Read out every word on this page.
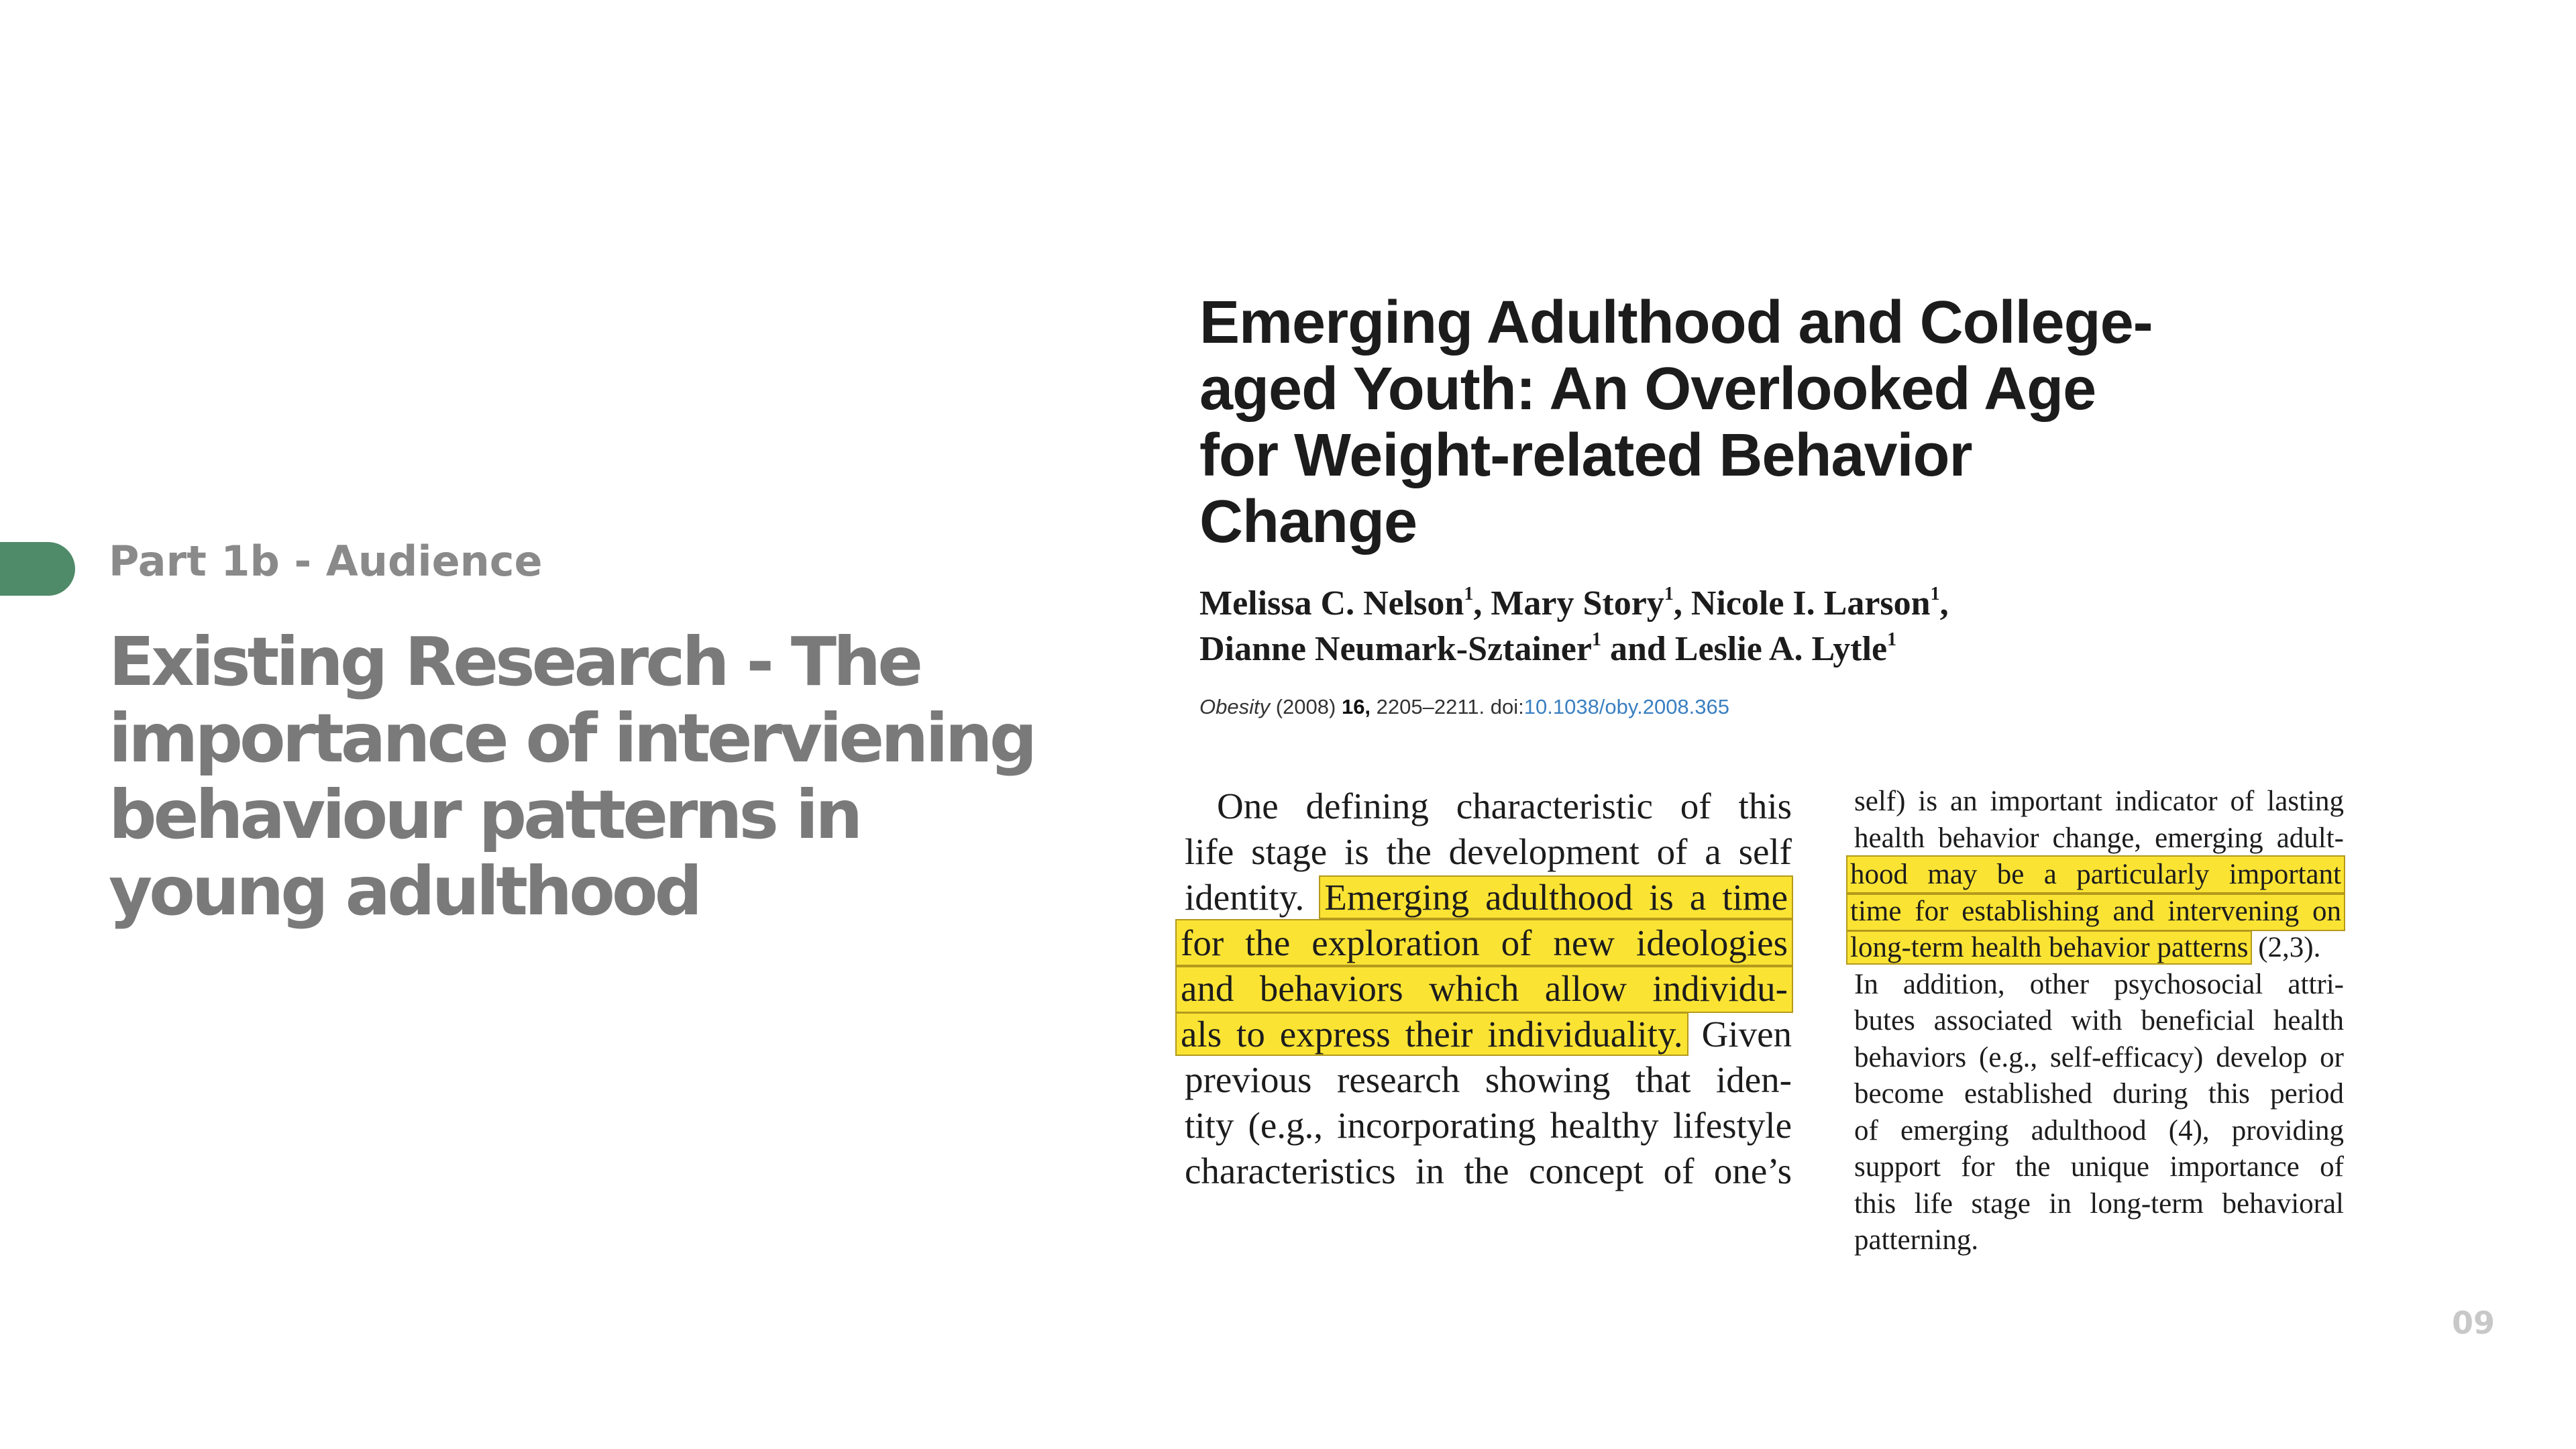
Part 1b - Audience
Existing Research - The
importance of interviening
behaviour patterns in
young adulthood
Emerging Adulthood and College-
aged Youth: An Overlooked Age
for Weight-related Behavior
Change
Melissa C. Nelson$^1$, Mary Story$^1$, Nicole I. Larson$^1$,
Dianne Neumark-Sztainer$^1$ and Leslie A. Lytle$^1$
Obesity (2008) 16, 2205–2211. doi:10.1038/oby.2008.365
One defining characteristic of this
life stage is the development of a self
identity. Emerging adulthood is a time
for the exploration of new ideologies
and behaviors which allow individu-
als to express their individuality. Given
previous research showing that iden-
tity (e.g., incorporating healthy lifestyle
characteristics in the concept of one’s
self) is an important indicator of lasting
health behavior change, emerging adult-
hood may be a particularly important
time for establishing and intervening on
long-term health behavior patterns (2,3).
In addition, other psychosocial attri-
butes associated with beneficial health
behaviors (e.g., self-efficacy) develop or
become established during this period
of emerging adulthood (4), providing
support for the unique importance of
this life stage in long-term behavioral
patterning.
09
